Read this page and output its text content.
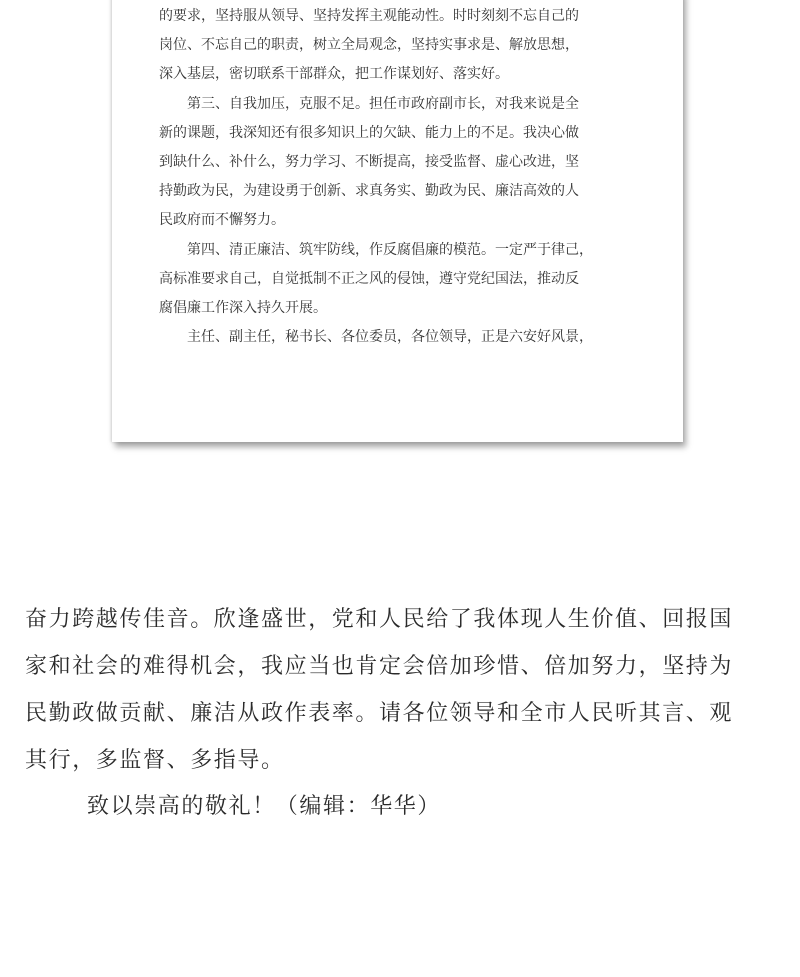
的要求，坚持服从领导、坚持发挥主观能动性。时时刻刻不忘自己的

岗位、不忘自己的职责，树立全局观念，坚持实事求是、解放思想，

深入基层，密切联系干部群众，把工作谋划好、落实好。

　　第三、自我加压，克服不足。担任市政府副市长，对我来说是全

新的课题，我深知还有很多知识上的欠缺、能力上的不足。我决心做

到缺什么、补什么，努力学习、不断提高，接受监督、虚心改进，坚

持勤政为民，为建设勇于创新、求真务实、勤政为民、廉洁高效的人

民政府而不懈努力。

　　第四、清正廉洁、筑牢防线，作反腐倡廉的模范。一定严于律己，

高标准要求自己，自觉抵制不正之风的侵蚀，遵守党纪国法，推动反

腐倡廉工作深入持久开展。

　　主任、副主任，秘书长、各位委员，各位领导，正是六安好风景，

奋力跨越传佳音。欣逢盛世，党和人民给了我体现人生价值、回报国

家和社会的难得机会，我应当也肯定会倍加珍惜、倍加努力，坚持为

民勤政做贡献、廉洁从政作表率。请各位领导和全市人民听其言、观

其行，多监督、多指导。

致以崇高的敬礼！（编辑：华华）
